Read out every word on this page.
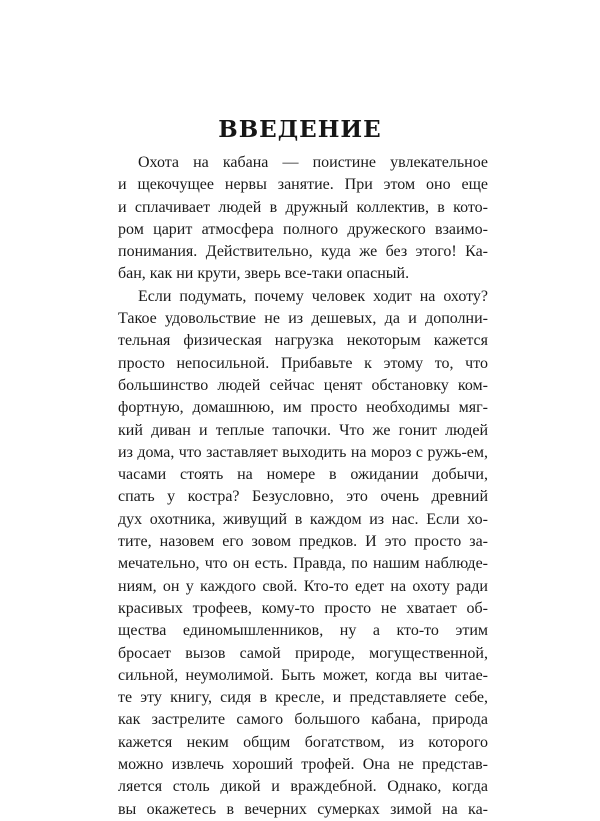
ВВЕДЕНИЕ
Охота на кабана — поистине увлекательное
и щекочущее нервы занятие. При этом оно еще
и сплачивает людей в дружный коллектив, в кото-
ром царит атмосфера полного дружеского взаимо-
понимания. Действительно, куда же без этого! Ка-
бан, как ни крути, зверь все-таки опасный.
Если подумать, почему человек ходит на охоту?
Такое удовольствие не из дешевых, да и дополни-
тельная физическая нагрузка некоторым кажется
просто непосильной. Прибавьте к этому то, что
большинство людей сейчас ценят обстановку ком-
фортную, домашнюю, им просто необходимы мяг-
кий диван и теплые тапочки. Что же гонит людей
из дома, что заставляет выходить на мороз с ружь-ем,
часами стоять на номере в ожидании добычи,
спать у костра? Безусловно, это очень древний
дух охотника, живущий в каждом из нас. Если хо-
тите, назовем его зовом предков. И это просто за-
мечательно, что он есть. Правда, по нашим наблюде-
ниям, он у каждого свой. Кто-то едет на охоту ради
красивых трофеев, кому-то просто не хватает об-
щества единомышленников, ну а кто-то этим
бросает вызов самой природе, могущественной,
сильной, неумолимой. Быть может, когда вы читае-
те эту книгу, сидя в кресле, и представляете себе,
как застрелите самого большого кабана, природа
кажется неким общим богатством, из которого
можно извлечь хороший трофей. Она не представ-
ляется столь дикой и враждебной. Однако, когда
вы окажетесь в вечерних сумерках зимой на ка-
